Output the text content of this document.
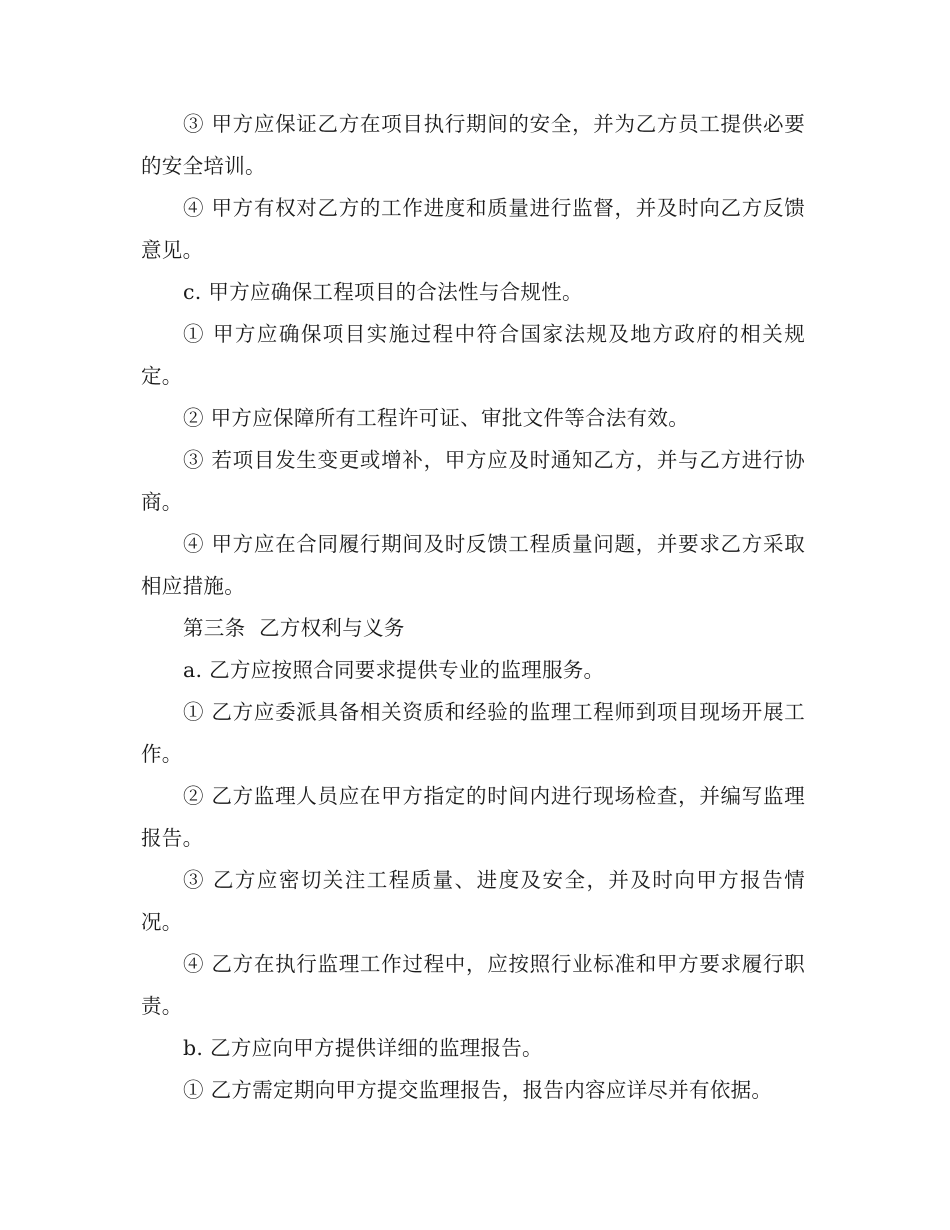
③ 甲方应保证乙方在项目执行期间的安全，并为乙方员工提供必要的安全培训。

④ 甲方有权对乙方的工作进度和质量进行监督，并及时向乙方反馈意见。

c. 甲方应确保工程项目的合法性与合规性。

① 甲方应确保项目实施过程中符合国家法规及地方政府的相关规定。

② 甲方应保障所有工程许可证、审批文件等合法有效。

③ 若项目发生变更或增补，甲方应及时通知乙方，并与乙方进行协商。

④ 甲方应在合同履行期间及时反馈工程质量问题，并要求乙方采取相应措施。

第三条  乙方权利与义务

a. 乙方应按照合同要求提供专业的监理服务。

① 乙方应委派具备相关资质和经验的监理工程师到项目现场开展工作。

② 乙方监理人员应在甲方指定的时间内进行现场检查，并编写监理报告。

③ 乙方应密切关注工程质量、进度及安全，并及时向甲方报告情况。

④ 乙方在执行监理工作过程中，应按照行业标准和甲方要求履行职责。

b. 乙方应向甲方提供详细的监理报告。

① 乙方需定期向甲方提交监理报告，报告内容应详尽并有依据。
